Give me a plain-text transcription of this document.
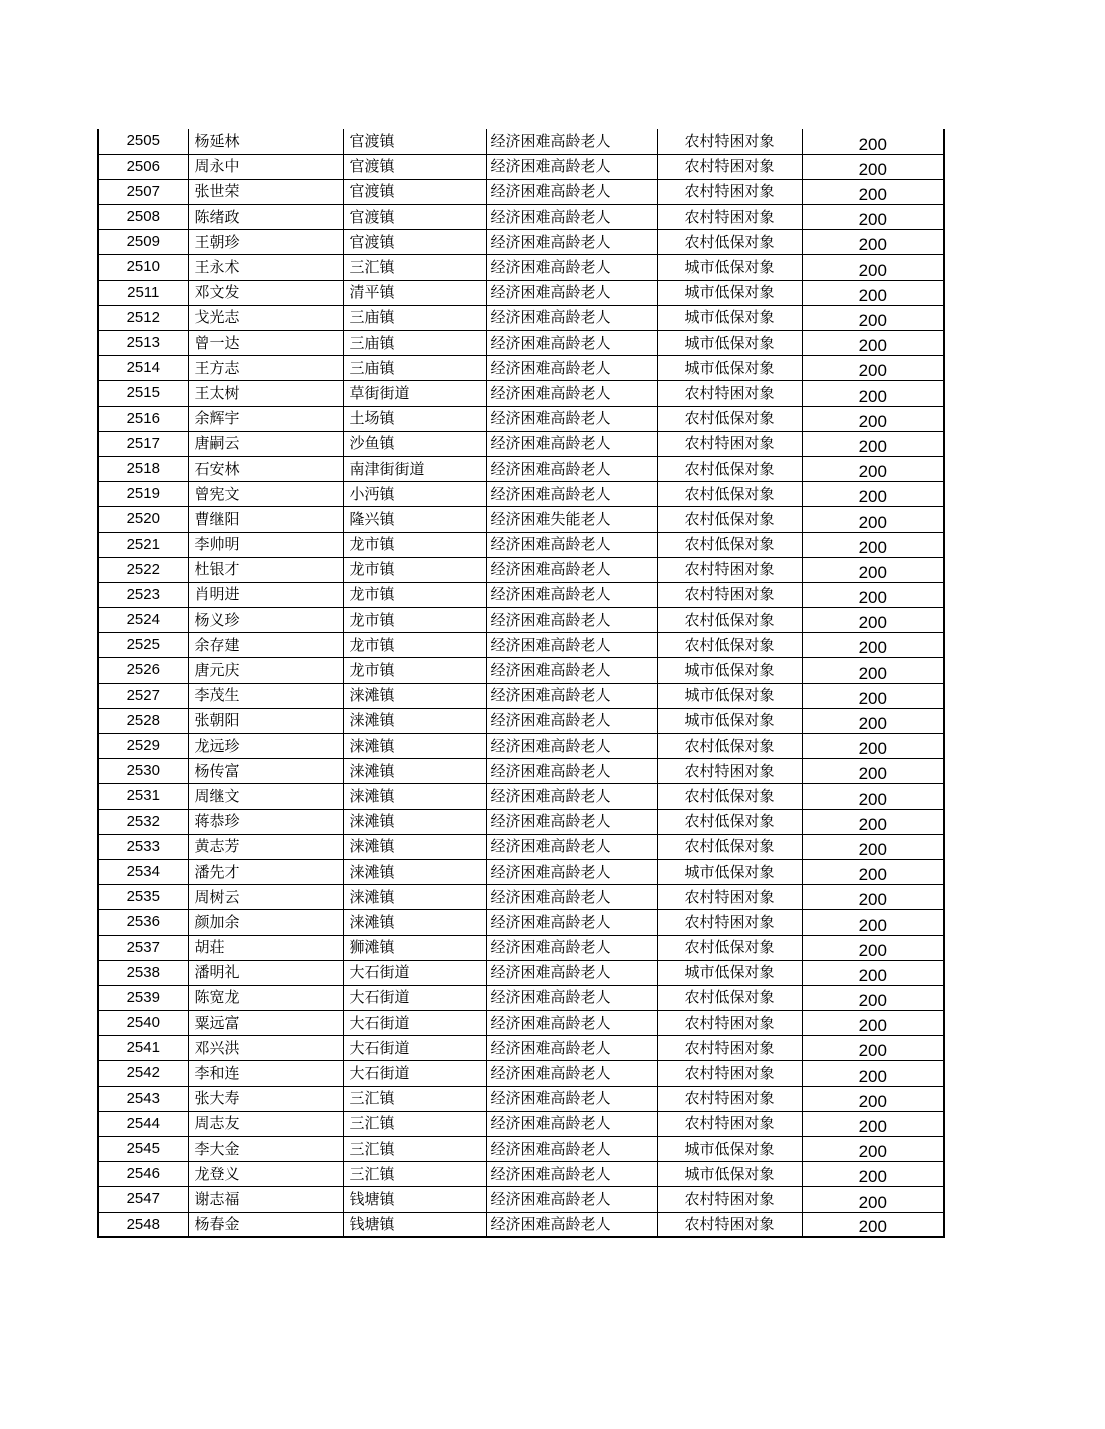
2505	杨延林	官渡镇	经济困难高龄老人	农村特困对象	200
2506	周永中	官渡镇	经济困难高龄老人	农村特困对象	200
2507	张世荣	官渡镇	经济困难高龄老人	农村特困对象	200
2508	陈绪政	官渡镇	经济困难高龄老人	农村特困对象	200
2509	王朝珍	官渡镇	经济困难高龄老人	农村低保对象	200
2510	王永术	三汇镇	经济困难高龄老人	城市低保对象	200
2511	邓文发	清平镇	经济困难高龄老人	城市低保对象	200
2512	戈光志	三庙镇	经济困难高龄老人	城市低保对象	200
2513	曾一达	三庙镇	经济困难高龄老人	城市低保对象	200
2514	王方志	三庙镇	经济困难高龄老人	城市低保对象	200
2515	王太树	草街街道	经济困难高龄老人	农村特困对象	200
2516	余辉宇	土场镇	经济困难高龄老人	农村低保对象	200
2517	唐嗣云	沙鱼镇	经济困难高龄老人	农村特困对象	200
2518	石安林	南津街街道	经济困难高龄老人	农村低保对象	200
2519	曾宪文	小沔镇	经济困难高龄老人	农村低保对象	200
2520	曹继阳	隆兴镇	经济困难失能老人	农村低保对象	200
2521	李帅明	龙市镇	经济困难高龄老人	农村低保对象	200
2522	杜银才	龙市镇	经济困难高龄老人	农村特困对象	200
2523	肖明进	龙市镇	经济困难高龄老人	农村特困对象	200
2524	杨义珍	龙市镇	经济困难高龄老人	农村低保对象	200
2525	余存建	龙市镇	经济困难高龄老人	农村低保对象	200
2526	唐元庆	龙市镇	经济困难高龄老人	城市低保对象	200
2527	李茂生	涞滩镇	经济困难高龄老人	城市低保对象	200
2528	张朝阳	涞滩镇	经济困难高龄老人	城市低保对象	200
2529	龙远珍	涞滩镇	经济困难高龄老人	农村低保对象	200
2530	杨传富	涞滩镇	经济困难高龄老人	农村特困对象	200
2531	周继文	涞滩镇	经济困难高龄老人	农村低保对象	200
2532	蒋恭珍	涞滩镇	经济困难高龄老人	农村低保对象	200
2533	黄志芳	涞滩镇	经济困难高龄老人	农村低保对象	200
2534	潘先才	涞滩镇	经济困难高龄老人	城市低保对象	200
2535	周树云	涞滩镇	经济困难高龄老人	农村特困对象	200
2536	颜加余	涞滩镇	经济困难高龄老人	农村特困对象	200
2537	胡荘	狮滩镇	经济困难高龄老人	农村低保对象	200
2538	潘明礼	大石街道	经济困难高龄老人	城市低保对象	200
2539	陈宽龙	大石街道	经济困难高龄老人	农村低保对象	200
2540	粟远富	大石街道	经济困难高龄老人	农村特困对象	200
2541	邓兴洪	大石街道	经济困难高龄老人	农村特困对象	200
2542	李和连	大石街道	经济困难高龄老人	农村特困对象	200
2543	张大寿	三汇镇	经济困难高龄老人	农村特困对象	200
2544	周志友	三汇镇	经济困难高龄老人	农村特困对象	200
2545	李大金	三汇镇	经济困难高龄老人	城市低保对象	200
2546	龙登义	三汇镇	经济困难高龄老人	城市低保对象	200
2547	谢志福	钱塘镇	经济困难高龄老人	农村特困对象	200
2548	杨春金	钱塘镇	经济困难高龄老人	农村特困对象	200
